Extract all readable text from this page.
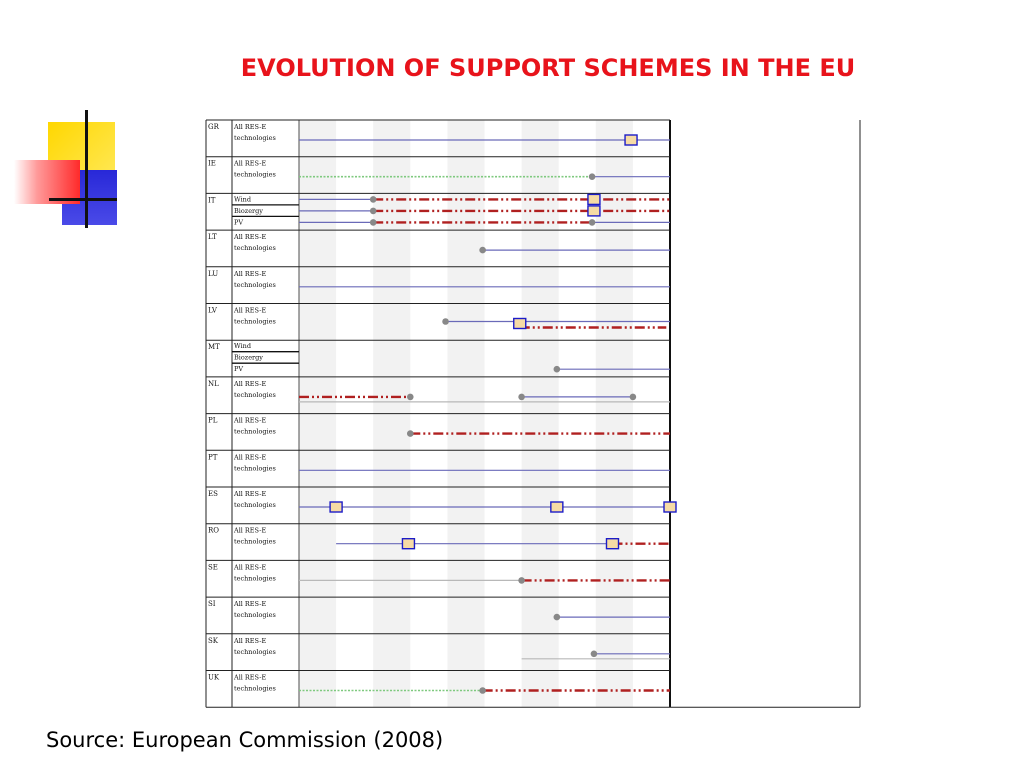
EVOLUTION OF SUPPORT SCHEMES IN THE EU
GR All RES-E
technologies
IE	All RES-E
technologies
IT	Wind
Biozergy
PV
LT	All RES-E
technologies
LU All RES-E
technologies
LV	All RES-E
technologies
MT Wind
Biozergy
PV
NL All RES-E
technologies
PL	All RES-E
technologies
PT	All RES-E
technologies
ES All RES-E
technologies
RO All RES-E
technologies
SE All RES-E
technologies
SI	All RES-E
technologies
SK All RES-E
technologies
UK All RES-E
technologies
Source: European Commission (2008)
